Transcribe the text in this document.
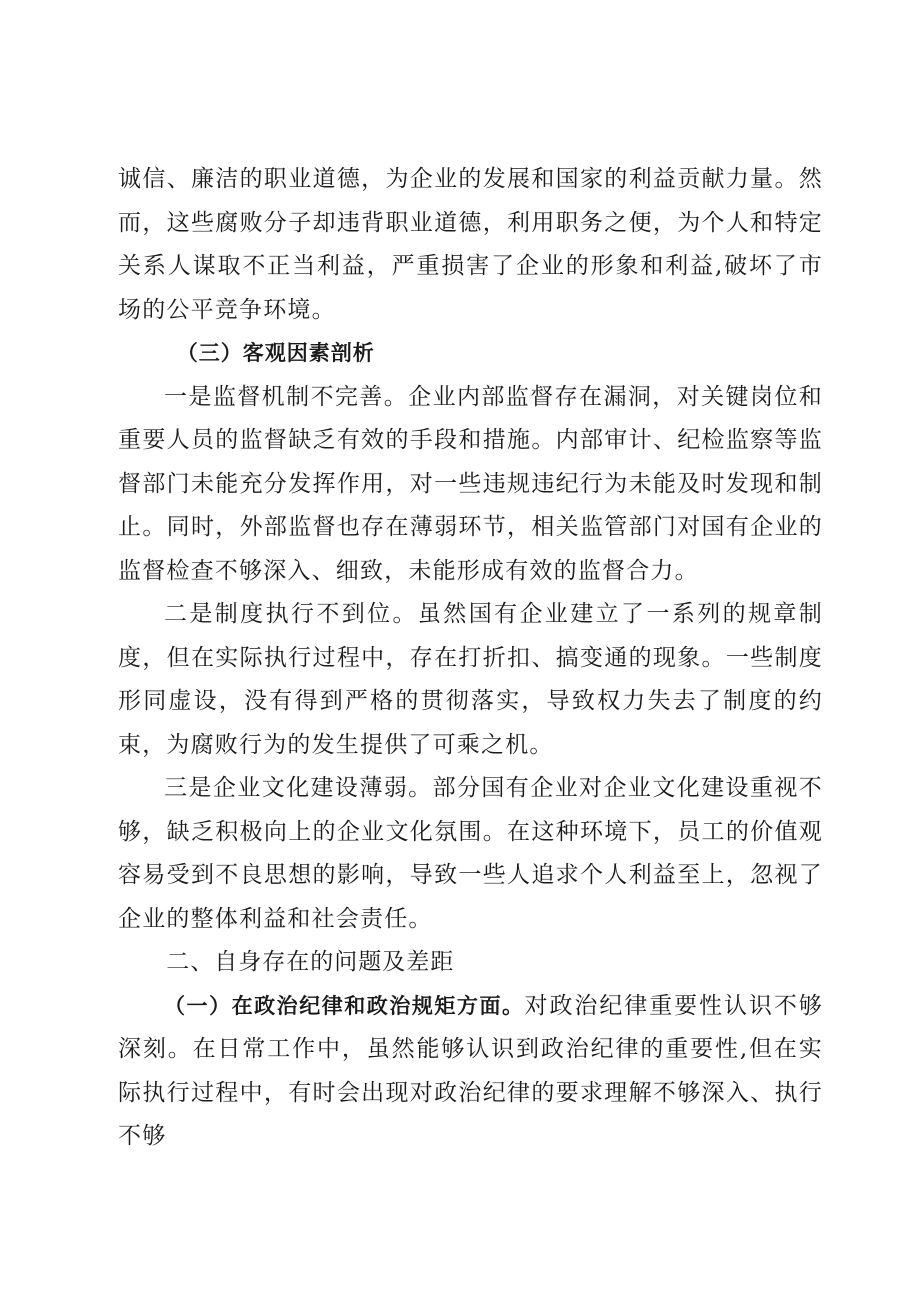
诚信、廉洁的职业道德，为企业的发展和国家的利益贡献力量。然而，这些腐败分子却违背职业道德，利用职务之便，为个人和特定关系人谋取不正当利益，严重损害了企业的形象和利益,破坏了市场的公平竞争环境。

（三）客观因素剖析

一是监督机制不完善。企业内部监督存在漏洞，对关键岗位和重要人员的监督缺乏有效的手段和措施。内部审计、纪检监察等监督部门未能充分发挥作用，对一些违规违纪行为未能及时发现和制止。同时，外部监督也存在薄弱环节，相关监管部门对国有企业的监督检查不够深入、细致，未能形成有效的监督合力。

二是制度执行不到位。虽然国有企业建立了一系列的规章制度，但在实际执行过程中，存在打折扣、搞变通的现象。一些制度形同虚设，没有得到严格的贯彻落实，导致权力失去了制度的约束，为腐败行为的发生提供了可乘之机。

三是企业文化建设薄弱。部分国有企业对企业文化建设重视不够，缺乏积极向上的企业文化氛围。在这种环境下，员工的价值观容易受到不良思想的影响，导致一些人追求个人利益至上，忽视了企业的整体利益和社会责任。

二、自身存在的问题及差距

（一）在政治纪律和政治规矩方面。对政治纪律重要性认识不够深刻。在日常工作中，虽然能够认识到政治纪律的重要性,但在实际执行过程中，有时会出现对政治纪律的要求理解不够深入、执行不够
